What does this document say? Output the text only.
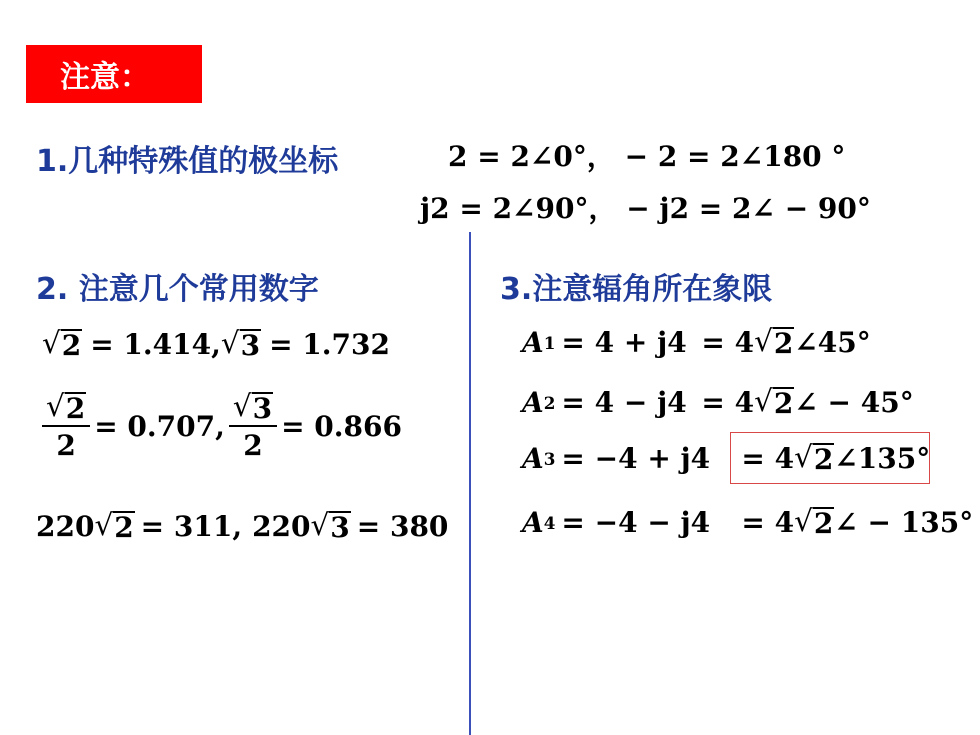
注意：
1.几种特殊值的极坐标	2 = 2∠0°， − 2 = 2∠180 °
j2 = 2∠90°， − j2 = 2∠ − 90°
2. 注意几个常用数字
√ 2 = 1.414, √ 3 = 1.732
$\frac{√ 2}{2} = 0.707$, $\frac{√ 3}{2} = 0.866$
220 √ 2 = 311, 220 √ 3 = 380
3.注意辐角所在象限
A 1 = 4 + j4 = 4 √ 2 ∠45°
A 2 = 4 − j4 = 4 √ 2 ∠ − 45°
A 3 = −4 + j4	= 4 √ 2 ∠135°
A 4 = −4 − j4	= 4 √ 2 ∠ − 135°
